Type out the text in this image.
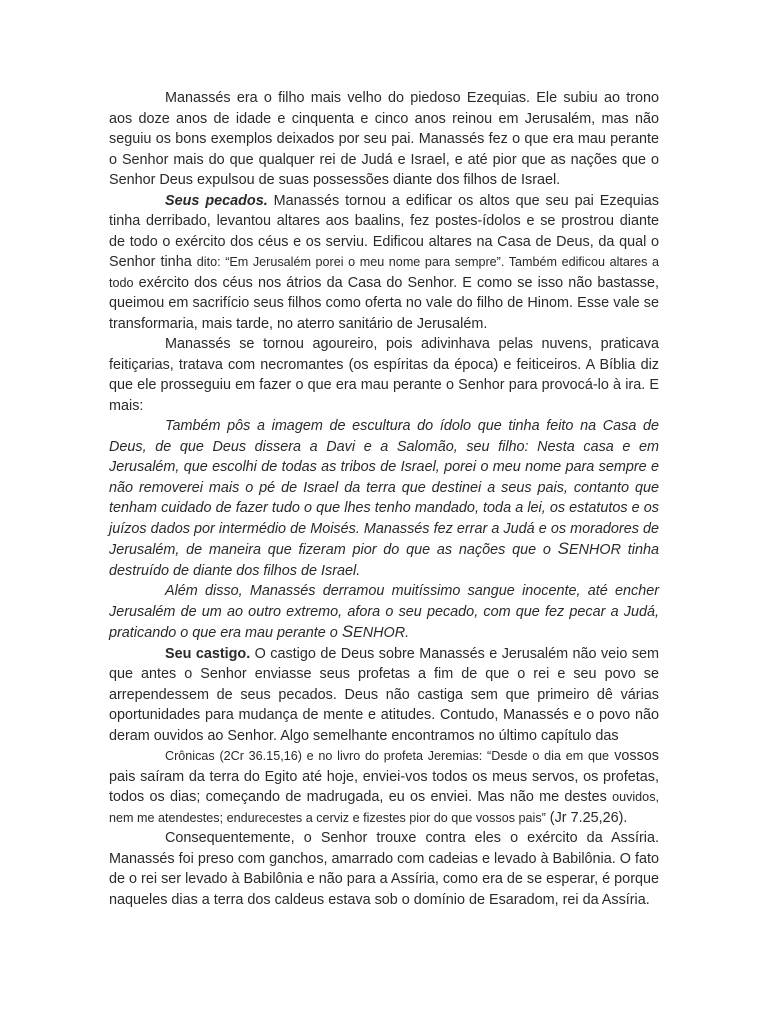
Manassés era o filho mais velho do piedoso Ezequias. Ele subiu ao trono aos doze anos de idade e cinquenta e cinco anos reinou em Jerusalém, mas não seguiu os bons exemplos deixados por seu pai. Manassés fez o que era mau perante o Senhor mais do que qualquer rei de Judá e Israel, e até pior que as nações que o Senhor Deus expulsou de suas possessões diante dos filhos de Israel.

Seus pecados. Manassés tornou a edificar os altos que seu pai Ezequias tinha derribado, levantou altares aos baalins, fez postes-ídolos e se prostrou diante de todo o exército dos céus e os serviu. Edificou altares na Casa de Deus, da qual o Senhor tinha dito: “Em Jerusalém porei o meu nome para sempre”. Também edificou altares a todo exército dos céus nos átrios da Casa do Senhor. E como se isso não bastasse, queimou em sacrifício seus filhos como oferta no vale do filho de Hinom. Esse vale se transformaria, mais tarde, no aterro sanitário de Jerusalém.

Manassés se tornou agoureiro, pois adivinhava pelas nuvens, praticava feitiçarias, tratava com necromantes (os espíritas da época) e feiticeiros. A Bíblia diz que ele prosseguiu em fazer o que era mau perante o Senhor para provocá-lo à ira. E mais:

Também pôs a imagem de escultura do ídolo que tinha feito na Casa de Deus, de que Deus dissera a Davi e a Salomão, seu filho: Nesta casa e em Jerusalém, que escolhi de todas as tribos de Israel, porei o meu nome para sempre e não removerei mais o pé de Israel da terra que destinei a seus pais, contanto que tenham cuidado de fazer tudo o que lhes tenho mandado, toda a lei, os estatutos e os juízos dados por intermédio de Moisés. Manassés fez errar a Judá e os moradores de Jerusalém, de maneira que fizeram pior do que as nações que o SENHOR tinha destruído de diante dos filhos de Israel.

Além disso, Manassés derramou muitíssimo sangue inocente, até encher Jerusalém de um ao outro extremo, afora o seu pecado, com que fez pecar a Judá, praticando o que era mau perante o SENHOR.

Seu castigo. O castigo de Deus sobre Manassés e Jerusalém não veio sem que antes o Senhor enviasse seus profetas a fim de que o rei e seu povo se arrependessem de seus pecados. Deus não castiga sem que primeiro dê várias oportunidades para mudança de mente e atitudes. Contudo, Manassés e o povo não deram ouvidos ao Senhor. Algo semelhante encontramos no último capítulo das

Crônicas (2Cr 36.15,16) e no livro do profeta Jeremias: “Desde o dia em que vossos pais saíram da terra do Egito até hoje, enviei-vos todos os meus servos, os profetas, todos os dias; começando de madrugada, eu os enviei. Mas não me destes ouvidos, nem me atendestes; endurecestes a cerviz e fizestes pior do que vossos pais” (Jr 7.25,26).

Consequentemente, o Senhor trouxe contra eles o exército da Assíria. Manassés foi preso com ganchos, amarrado com cadeias e levado à Babilônia. O fato de o rei ser levado à Babilônia e não para a Assíria, como era de se esperar, é porque naqueles dias a terra dos caldeus estava sob o domínio de Esaradom, rei da Assíria.
